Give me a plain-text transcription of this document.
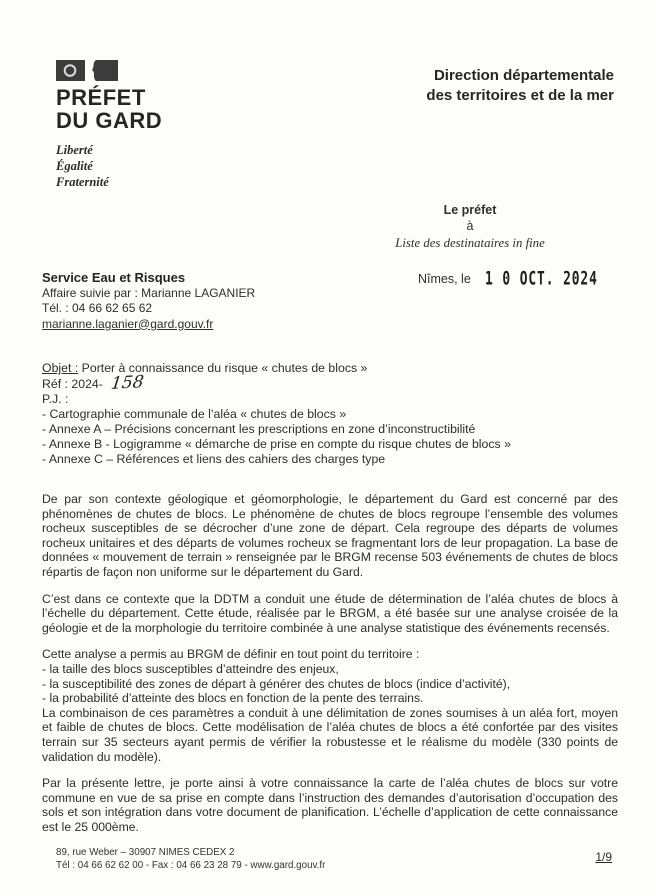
PRÉFET
DU GARD
Liberté
Égalité
Fraternité
Direction départementale
des territoires et de la mer
Le préfet
à
Liste des destinataires in fine
Service Eau et Risques
Affaire suivie par : Marianne LAGANIER
Tél. : 04 66 62 65 62
marianne.laganier@gard.gouv.fr
Nîmes, le 1 0 OCT. 2024
Objet : Porter à connaissance du risque « chutes de blocs »
Réf : 2024- 158
P.J. :
- Cartographie communale de l’aléa « chutes de blocs »
- Annexe A – Précisions concernant les prescriptions en zone d’inconstructibilité
- Annexe B - Logigramme « démarche de prise en compte du risque chutes de blocs »
- Annexe C – Références et liens des cahiers des charges type

De par son contexte géologique et géomorphologie, le département du Gard est concerné par des phénomènes de chutes de blocs. Le phénomène de chutes de blocs regroupe l’ensemble des volumes rocheux susceptibles de se décrocher d’une zone de départ. Cela regroupe des départs de volumes rocheux unitaires et des départs de volumes rocheux se fragmentant lors de leur propagation. La base de données « mouvement de terrain » renseignée par le BRGM recense 503 événements de chutes de blocs répartis de façon non uniforme sur le département du Gard.

C’est dans ce contexte que la DDTM a conduit une étude de détermination de l’aléa chutes de blocs à l’échelle du département. Cette étude, réalisée par le BRGM, a été basée sur une analyse croisée de la géologie et de la morphologie du territoire combinée à une analyse statistique des événements recensés.

Cette analyse a permis au BRGM de définir en tout point du territoire :

- la taille des blocs susceptibles d’atteindre des enjeux,
- la susceptibilité des zones de départ à générer des chutes de blocs (indice d’activité),
- la probabilité d’atteinte des blocs en fonction de la pente des terrains.

La combinaison de ces paramètres a conduit à une délimitation de zones soumises à un aléa fort, moyen et faible de chutes de blocs. Cette modélisation de l’aléa chutes de blocs a été confortée par des visites terrain sur 35 secteurs ayant permis de vérifier la robustesse et le réalisme du modèle (330 points de validation du modèle).

Par la présente lettre, je porte ainsi à votre connaissance la carte de l’aléa chutes de blocs sur votre commune en vue de sa prise en compte dans l’instruction des demandes d’autorisation d’occupation des sols et son intégration dans votre document de planification. L’échelle d’application de cette connaissance est le 25 000ème.

89, rue Weber – 30907 NIMES CEDEX 2
Tél : 04 66 62 62 00 - Fax : 04 66 23 28 79 - www.gard.gouv.fr
1/9
